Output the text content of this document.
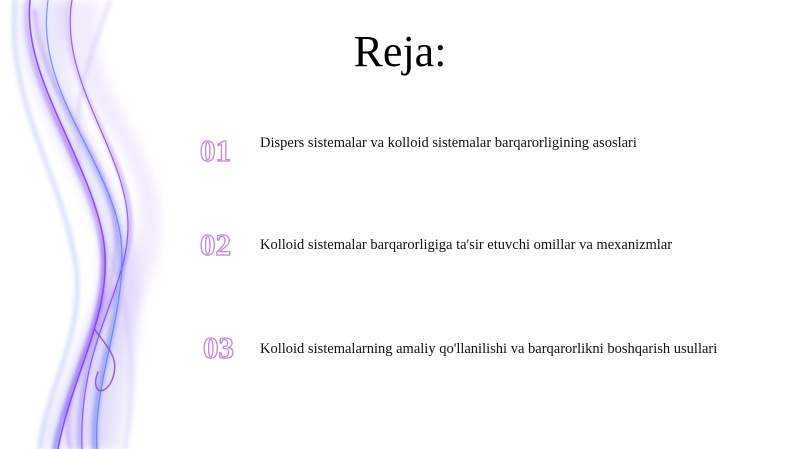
Reja:
01 Dispers sistemalar va kolloid sistemalar barqarorligining asoslari
02 Kolloid sistemalar barqarorligiga ta'sir etuvchi omillar va mexanizmlar
03 Kolloid sistemalarning amaliy qo'llanilishi va barqarorlikni boshqarish usullari
